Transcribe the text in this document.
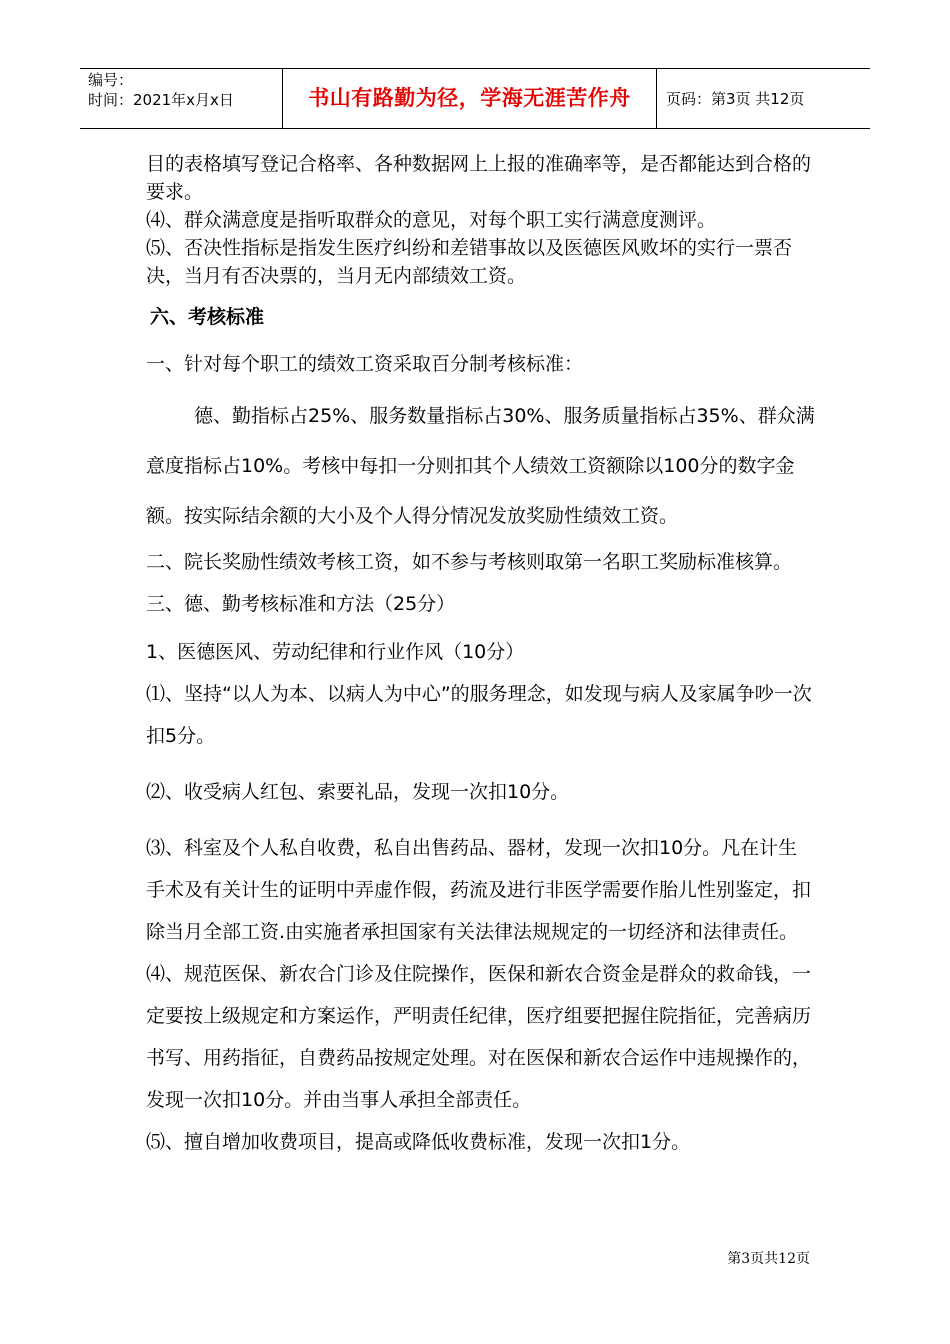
编号：
时间：2021年x月x日	书山有路勤为径，学海无涯苦作舟	页码：第3页 共12页

目的表格填写登记合格率、各种数据网上上报的准确率等，是否都能达到合格的要求。

⑷、群众满意度是指听取群众的意见，对每个职工实行满意度测评。

⑸、否决性指标是指发生医疗纠纷和差错事故以及医德医风败坏的实行一票否决，当月有否决票的，当月无内部绩效工资。

六、考核标准

一、针对每个职工的绩效工资采取百分制考核标准：

德、勤指标占25%、服务数量指标占30%、服务质量指标占35%、群众满意度指标占10%。考核中每扣一分则扣其个人绩效工资额除以100分的数字金额。按实际结余额的大小及个人得分情况发放奖励性绩效工资。

二、院长奖励性绩效考核工资，如不参与考核则取第一名职工奖励标准核算。

三、德、勤考核标准和方法（25分）

1、医德医风、劳动纪律和行业作风（10分）

⑴、坚持“以人为本、以病人为中心”的服务理念，如发现与病人及家属争吵一次扣5分。

⑵、收受病人红包、索要礼品，发现一次扣10分。

⑶、科室及个人私自收费，私自出售药品、器材，发现一次扣10分。凡在计生手术及有关计生的证明中弄虚作假，药流及进行非医学需要作胎儿性别鉴定，扣除当月全部工资.由实施者承担国家有关法律法规规定的一切经济和法律责任。

⑷、规范医保、新农合门诊及住院操作，医保和新农合资金是群众的救命钱，一定要按上级规定和方案运作，严明责任纪律，医疗组要把握住院指征，完善病历书写、用药指征，自费药品按规定处理。对在医保和新农合运作中违规操作的，发现一次扣10分。并由当事人承担全部责任。

⑸、擅自增加收费项目，提高或降低收费标准，发现一次扣1分。

第3页共12页
